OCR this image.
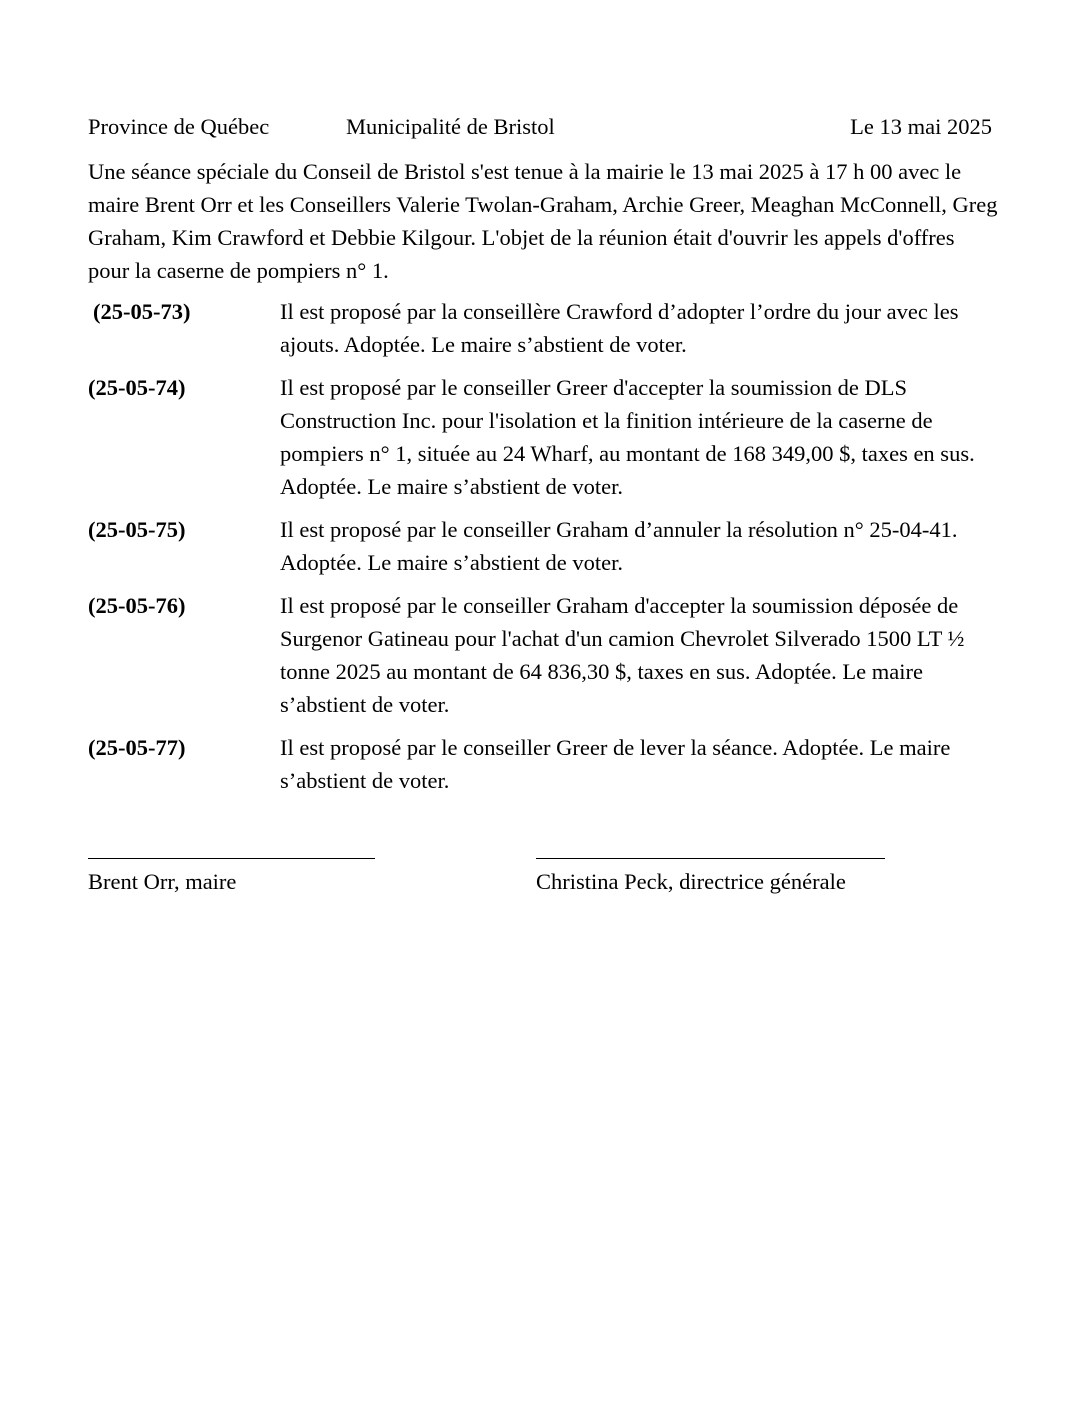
Province de Québec	Municipalité de Bristol	Le 13 mai 2025
Une séance spéciale du Conseil de Bristol s'est tenue à la mairie le 13 mai 2025 à 17 h 00 avec le maire Brent Orr et les Conseillers Valerie Twolan-Graham, Archie Greer, Meaghan McConnell, Greg Graham, Kim Crawford et Debbie Kilgour. L'objet de la réunion était d'ouvrir les appels d'offres pour la caserne de pompiers n° 1.
(25-05-73)	Il est proposé par la conseillère Crawford d’adopter l’ordre du jour avec les ajouts. Adoptée. Le maire s’abstient de voter.
(25-05-74)	Il est proposé par le conseiller Greer d'accepter la soumission de DLS Construction Inc. pour l'isolation et la finition intérieure de la caserne de pompiers n° 1, située au 24 Wharf, au montant de 168 349,00 $, taxes en sus. Adoptée. Le maire s’abstient de voter.
(25-05-75)	Il est proposé par le conseiller Graham d’annuler la résolution n° 25-04-41. Adoptée. Le maire s’abstient de voter.
(25-05-76)	Il est proposé par le conseiller Graham d'accepter la soumission déposée de Surgenor Gatineau pour l'achat d'un camion Chevrolet Silverado 1500 LT ½ tonne 2025 au montant de 64 836,30 $, taxes en sus. Adoptée. Le maire s’abstient de voter.
(25-05-77)	Il est proposé par le conseiller Greer de lever la séance. Adoptée. Le maire s’abstient de voter.
Brent Orr, maire	Christina Peck, directrice générale
